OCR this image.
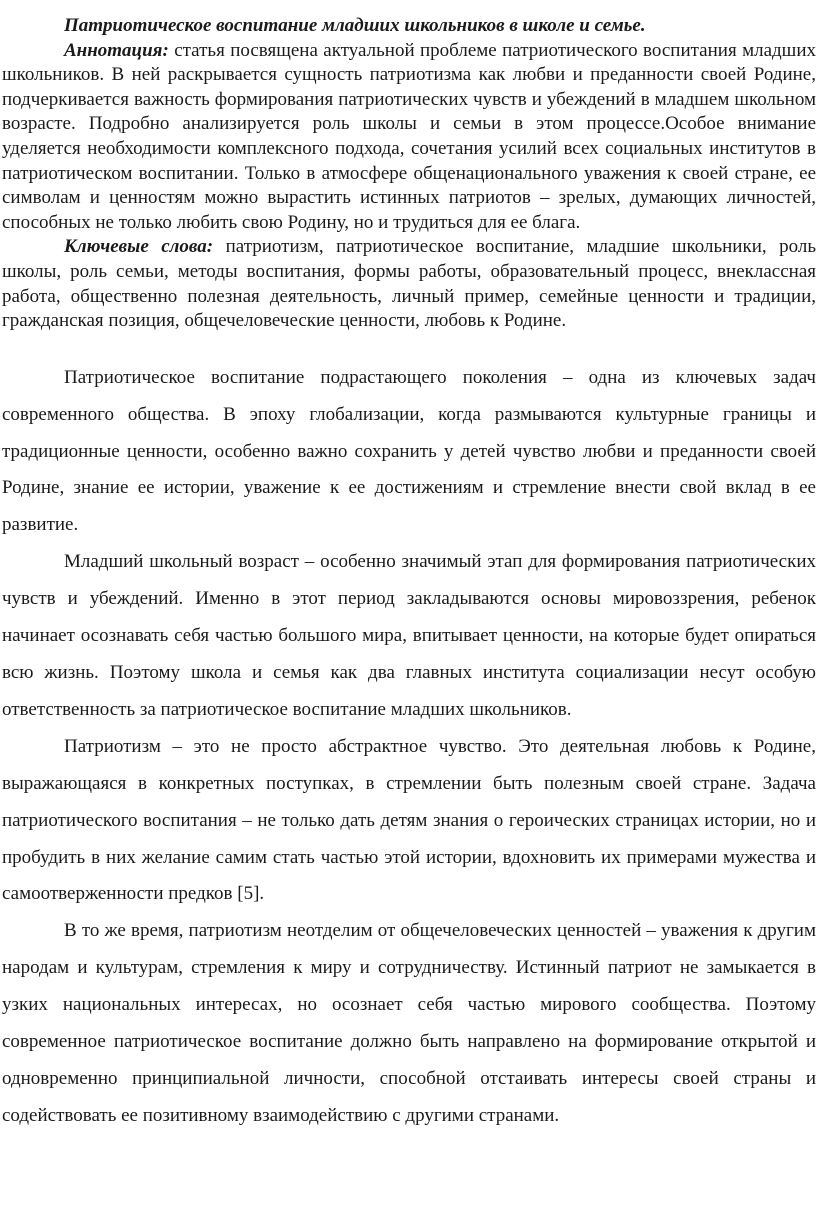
Патриотическое воспитание младших школьников в школе и семье.

Аннотация: статья посвящена актуальной проблеме патриотического воспитания младших школьников. В ней раскрывается сущность патриотизма как любви и преданности своей Родине, подчеркивается важность формирования патриотических чувств и убеждений в младшем школьном возрасте. Подробно анализируется роль школы и семьи в этом процессе.Особое внимание уделяется необходимости комплексного подхода, сочетания усилий всех социальных институтов в патриотическом воспитании. Только в атмосфере общенационального уважения к своей стране, ее символам и ценностям можно вырастить истинных патриотов – зрелых, думающих личностей, способных не только любить свою Родину, но и трудиться для ее блага.

Ключевые слова: патриотизм, патриотическое воспитание, младшие школьники, роль школы, роль семьи, методы воспитания, формы работы, образовательный процесс, внеклассная работа, общественно полезная деятельность, личный пример, семейные ценности и традиции, гражданская позиция, общечеловеческие ценности, любовь к Родине.

Патриотическое воспитание подрастающего поколения – одна из ключевых задач современного общества. В эпоху глобализации, когда размываются культурные границы и традиционные ценности, особенно важно сохранить у детей чувство любви и преданности своей Родине, знание ее истории, уважение к ее достижениям и стремление внести свой вклад в ее развитие.

Младший школьный возраст – особенно значимый этап для формирования патриотических чувств и убеждений. Именно в этот период закладываются основы мировоззрения, ребенок начинает осознавать себя частью большого мира, впитывает ценности, на которые будет опираться всю жизнь. Поэтому школа и семья как два главных института социализации несут особую ответственность за патриотическое воспитание младших школьников.

Патриотизм – это не просто абстрактное чувство. Это деятельная любовь к Родине, выражающаяся в конкретных поступках, в стремлении быть полезным своей стране. Задача патриотического воспитания – не только дать детям знания о героических страницах истории, но и пробудить в них желание самим стать частью этой истории, вдохновить их примерами мужества и самоотверженности предков [5].

В то же время, патриотизм неотделим от общечеловеческих ценностей – уважения к другим народам и культурам, стремления к миру и сотрудничеству. Истинный патриот не замыкается в узких национальных интересах, но осознает себя частью мирового сообщества. Поэтому современное патриотическое воспитание должно быть направлено на формирование открытой и одновременно принципиальной личности, способной отстаивать интересы своей страны и содействовать ее позитивному взаимодействию с другими странами.
